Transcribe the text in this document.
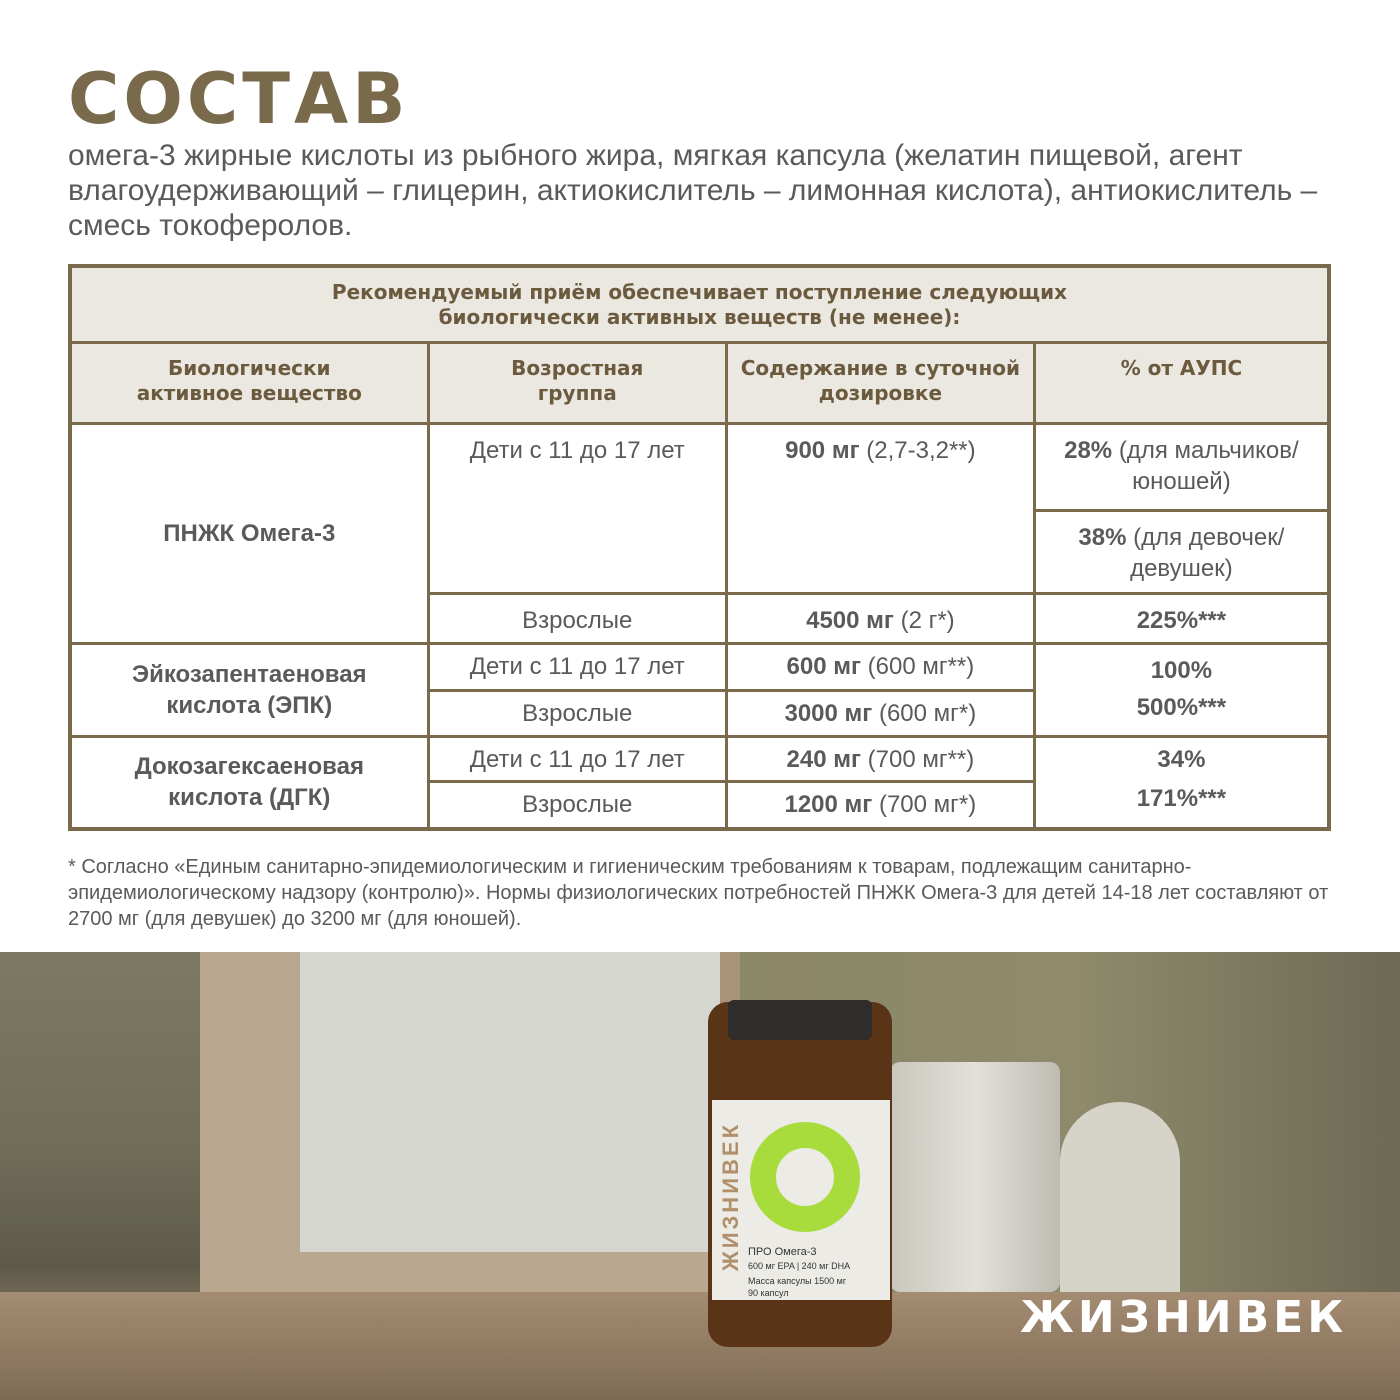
СОСТАВ
омега-3 жирные кислоты из рыбного жира, мягкая капсула (желатин пищевой, агент влагоудерживающий – глицерин, актиокислитель – лимонная кислота), антиокислитель – смесь токоферолов.
Рекомендуемый приём обеспечивает поступление следующих биологически активных веществ (не менее):			
Биологически активное вещество	Возростная группа	Содержание в суточной дозировке	% от АУПС
ПНЖК Омега-3	Дети с 11 до 17 лет	900 мг (2,7-3,2**)	28% (для мальчиков/юношей)
			38% (для девочек/девушек)
	Взрослые	4500 мг (2 г*)	225%***
Эйкозапентаеновая кислота (ЭПК)	Дети с 11 до 17 лет	600 мг (600 мг**)	100%
	Взрослые	3000 мг (600 мг*)	500%***
Докозагексаеновая кислота (ДГК)	Дети с 11 до 17 лет	240 мг (700 мг**)	34%
	Взрослые	1200 мг (700 мг*)	171%***
* Согласно «Единым санитарно-эпидемиологическим и гигиеническим требованиям к товарам, подлежащим санитарно-эпидемиологическому надзору (контролю)». Нормы физиологических потребностей ПНЖК Омега-3 для детей 14-18 лет составляют от 2700 мг (для девушек) до 3200 мг (для юношей).
ЖИЗНИВЕК ПРО Омега-3
600 мг EPA | 240 мг DHA
Масса капсулы 1500 мг
90 капсул	ЖИЗНИВЕК
